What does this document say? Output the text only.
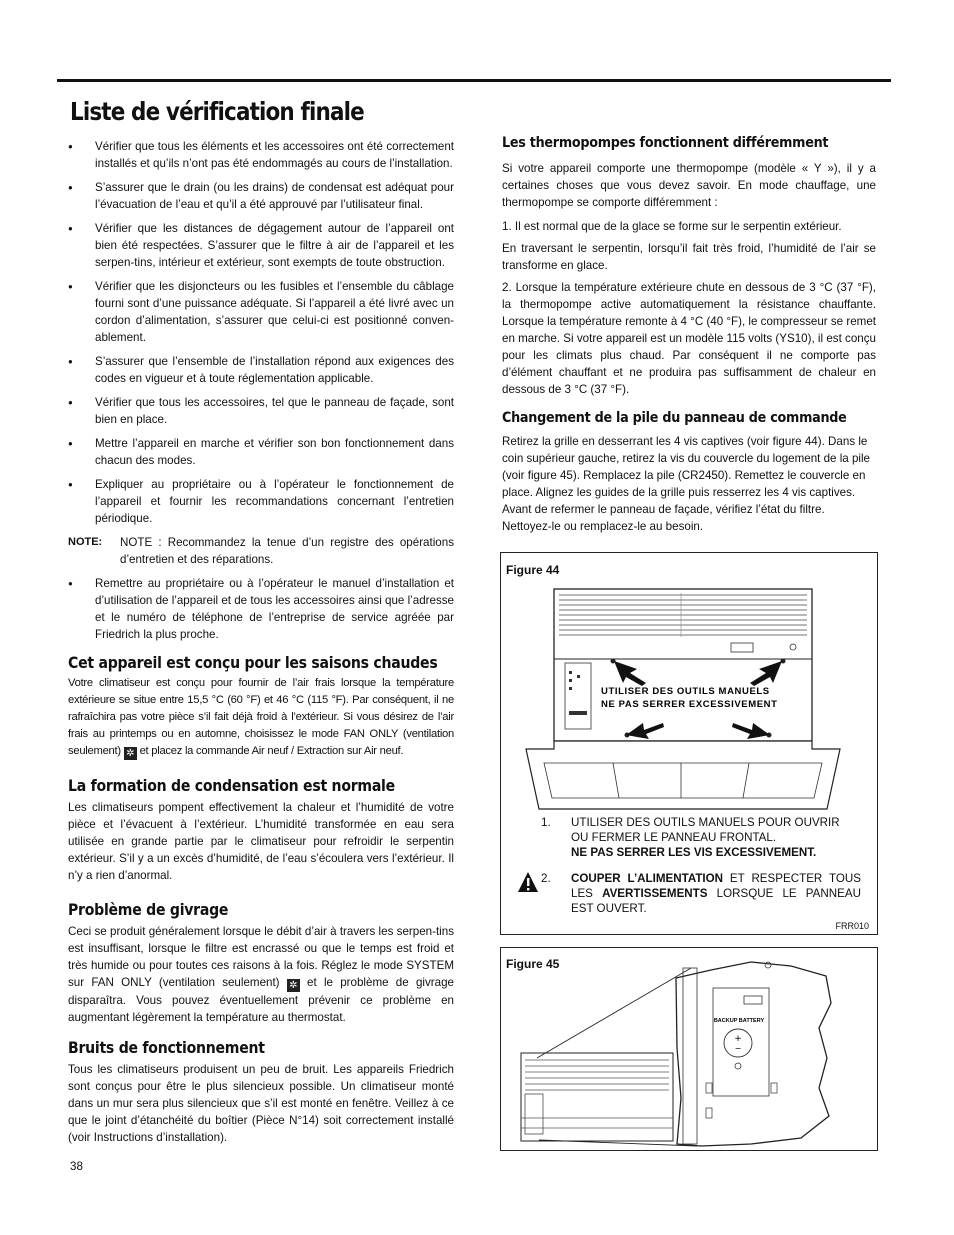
Liste de vérification finale
● Vérifier que tous les éléments et les accessoires ont été correctement installés et qu’ils n’ont pas été endommagés au cours de l’installation.
● S’assurer que le drain (ou les drains) de condensat est adéquat pour l’évacuation de l’eau et qu’il a été approuvé par l’utilisateur final.
● Vérifier que les distances de dégagement autour de l’appareil ont bien été respectées. S’assurer que le filtre à air de l’appareil et les serpen-tins, intérieur et extérieur, sont exempts de toute obstruction.
● Vérifier que les disjoncteurs ou les fusibles et l’ensemble du câblage fourni sont d’une puissance adéquate. Si l’appareil a été livré avec un cordon d’alimentation, s’assurer que celui-ci est positionné conven-ablement.
● S’assurer que l’ensemble de l’installation répond aux exigences des codes en vigueur et à toute réglementation applicable.
● Vérifier que tous les accessoires, tel que le panneau de façade, sont bien en place.
● Mettre l’appareil en marche et vérifier son bon fonctionnement dans chacun des modes.
● Expliquer au propriétaire ou à l’opérateur le fonctionnement de l’appareil et fournir les recommandations concernant l’entretien périodique.
NOTE:	NOTE : Recommandez la tenue d’un registre des opérations d’entretien et des réparations.
● Remettre au propriétaire ou à l’opérateur le manuel d’installation et d’utilisation de l’appareil et de tous les accessoires ainsi que l’adresse et le numéro de téléphone de l’entreprise de service agréée par Friedrich la plus proche.
Cet appareil est conçu pour les saisons chaudes

Votre climatiseur est conçu pour fournir de l’air frais lorsque la température extérieure se situe entre 15,5 °C (60 °F) et 46 °C (115 °F). Par conséquent, il ne rafraîchira pas votre pièce s’il fait déjà froid à l’extérieur. Si vous désirez de l’air frais au printemps ou en automne, choisissez le mode FAN ONLY (ventilation seulement) ✲ et placez la commande Air neuf / Extraction sur Air neuf.

La formation de condensation est normale

Les climatiseurs pompent effectivement la chaleur et l’humidité de votre pièce et l’évacuent à l’extérieur. L’humidité transformée en eau sera utilisée en grande partie par le climatiseur pour refroidir le serpentin extérieur. S’il y a un excès d’humidité, de l’eau s’écoulera vers l’extérieur. Il n’y a rien d’anormal.

Problème de givrage

Ceci se produit généralement lorsque le débit d’air à travers les serpen-tins est insuffisant, lorsque le filtre est encrassé ou que le temps est froid et très humide ou pour toutes ces raisons à la fois. Réglez le mode SYSTEM sur FAN ONLY (ventilation seulement) ✲ et le problème de givrage disparaîtra. Vous pouvez éventuellement prévenir ce problème en augmentant légèrement la température au thermostat.

Bruits de fonctionnement

Tous les climatiseurs produisent un peu de bruit. Les appareils Friedrich sont conçus pour être le plus silencieux possible. Un climatiseur monté dans un mur sera plus silencieux que s’il est monté en fenêtre. Veillez à ce que le joint d’étanchéité du boîtier (Pièce N°14) soit correctement installé (voir Instructions d’installation).

Les thermopompes fonctionnent différemment

Si votre appareil comporte une thermopompe (modèle « Y »), il y a certaines choses que vous devez savoir. En mode chauffage, une thermopompe se comporte différemment :

1. Il est normal que de la glace se forme sur le serpentin extérieur.

En traversant le serpentin, lorsqu’il fait très froid, l’humidité de l’air se transforme en glace.

2. Lorsque la température extérieure chute en dessous de 3 °C (37 °F), la thermopompe active automatiquement la résistance chauffante. Lorsque la température remonte à 4 °C (40 °F), le compresseur se remet en marche. Si votre appareil est un modèle 115 volts (YS10), il est conçu pour les climats plus chaud. Par conséquent il ne comporte pas d’élément chauffant et ne produira pas suffisamment de chaleur en dessous de 3 °C (37 °F).

Changement de la pile du panneau de commande

Retirez la grille en desserrant les 4 vis captives (voir figure 44). Dans le coin supérieur gauche, retirez la vis du couvercle du logement de la pile (voir figure 45). Remplacez la pile (CR2450). Remettez le couvercle en place. Alignez les guides de la grille puis resserrez les 4 vis captives. Avant de refermer le panneau de façade, vérifiez l’état du filtre. Nettoyez-le ou remplacez-le au besoin.

Figure 44
UTILISER DES OUTILS MANUELS
NE PAS SERRER EXCESSIVEMENT
1. UTILISER DES OUTILS MANUELS POUR OUVRIR
OU FERMER LE PANNEAU FRONTAL.
NE PAS SERRER LES VIS EXCESSIVEMENT.
2. COUPER L’ALIMENTATION ET RESPECTER TOUS LES AVERTISSEMENTS LORSQUE LE PANNEAU EST OUVERT.
FRR010
Figure 45
+
−
BACKUP BATTERY
38
